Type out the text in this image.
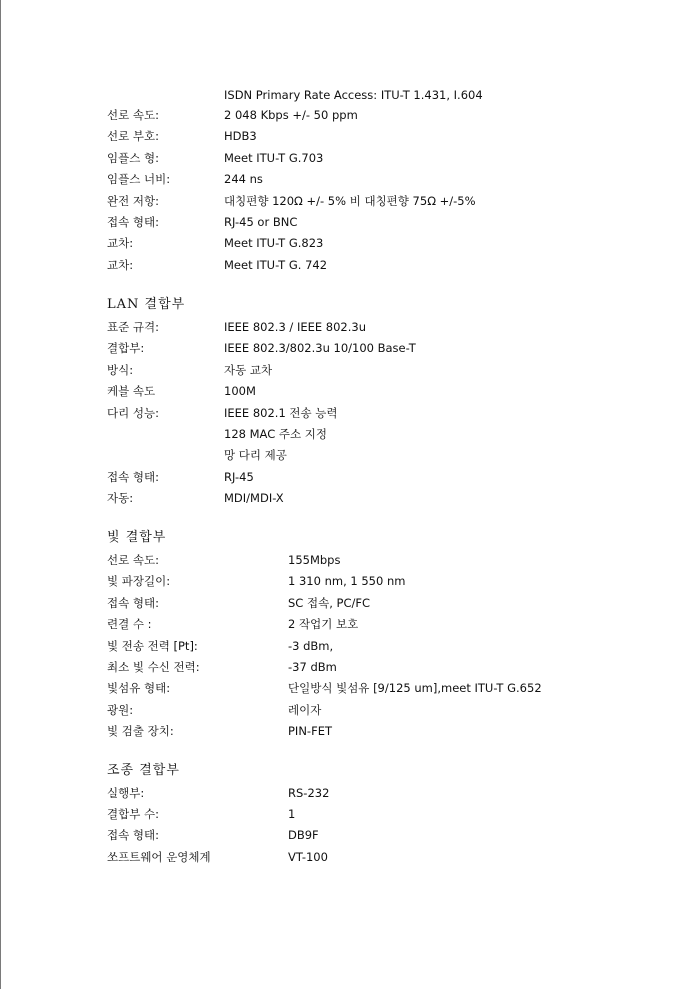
ISDN Primary Rate Access: ITU-T 1.431, I.604
선로 속도:	2 048 Kbps +/- 50 ppm
선로 부호:	HDB3
임플스 형:	Meet ITU-T G.703
임플스 너비:	244 ns
완전 저항:	대칭편향 120Ω +/- 5% 비 대칭편향 75Ω +/-5%
접속 형태:	RJ-45 or BNC
교차:	Meet ITU-T G.823
교차:	Meet ITU-T G. 742
LAN 결합부
표준 규격:	IEEE 802.3 / IEEE 802.3u
결합부:	IEEE 802.3/802.3u 10/100 Base-T
방식:	자동 교차
케블 속도	100M
다리 성능:	IEEE 802.1 전송 능력
128 MAC 주소 지정
망 다리 제공
접속 형태:	RJ-45
자동:	MDI/MDI-X
빛 결합부
선로 속도:	155Mbps
빛 파장길이:	1 310 nm, 1 550 nm
접속 형태:	SC 접속, PC/FC
련결 수 :	2 작업기 보호
빛 전송 전력 [Pt]:	-3 dBm,
최소 빛 수신 전력:	-37 dBm
빛섬유 형태:	단일방식 빛섬유 [9/125 um],meet ITU-T G.652
광원:	레이자
빛 검출 장치:	PIN-FET
조종 결합부
실행부:	RS-232
결합부 수:	1
접속 형태:	DB9F
쏘프트웨어 운영체계	VT-100
